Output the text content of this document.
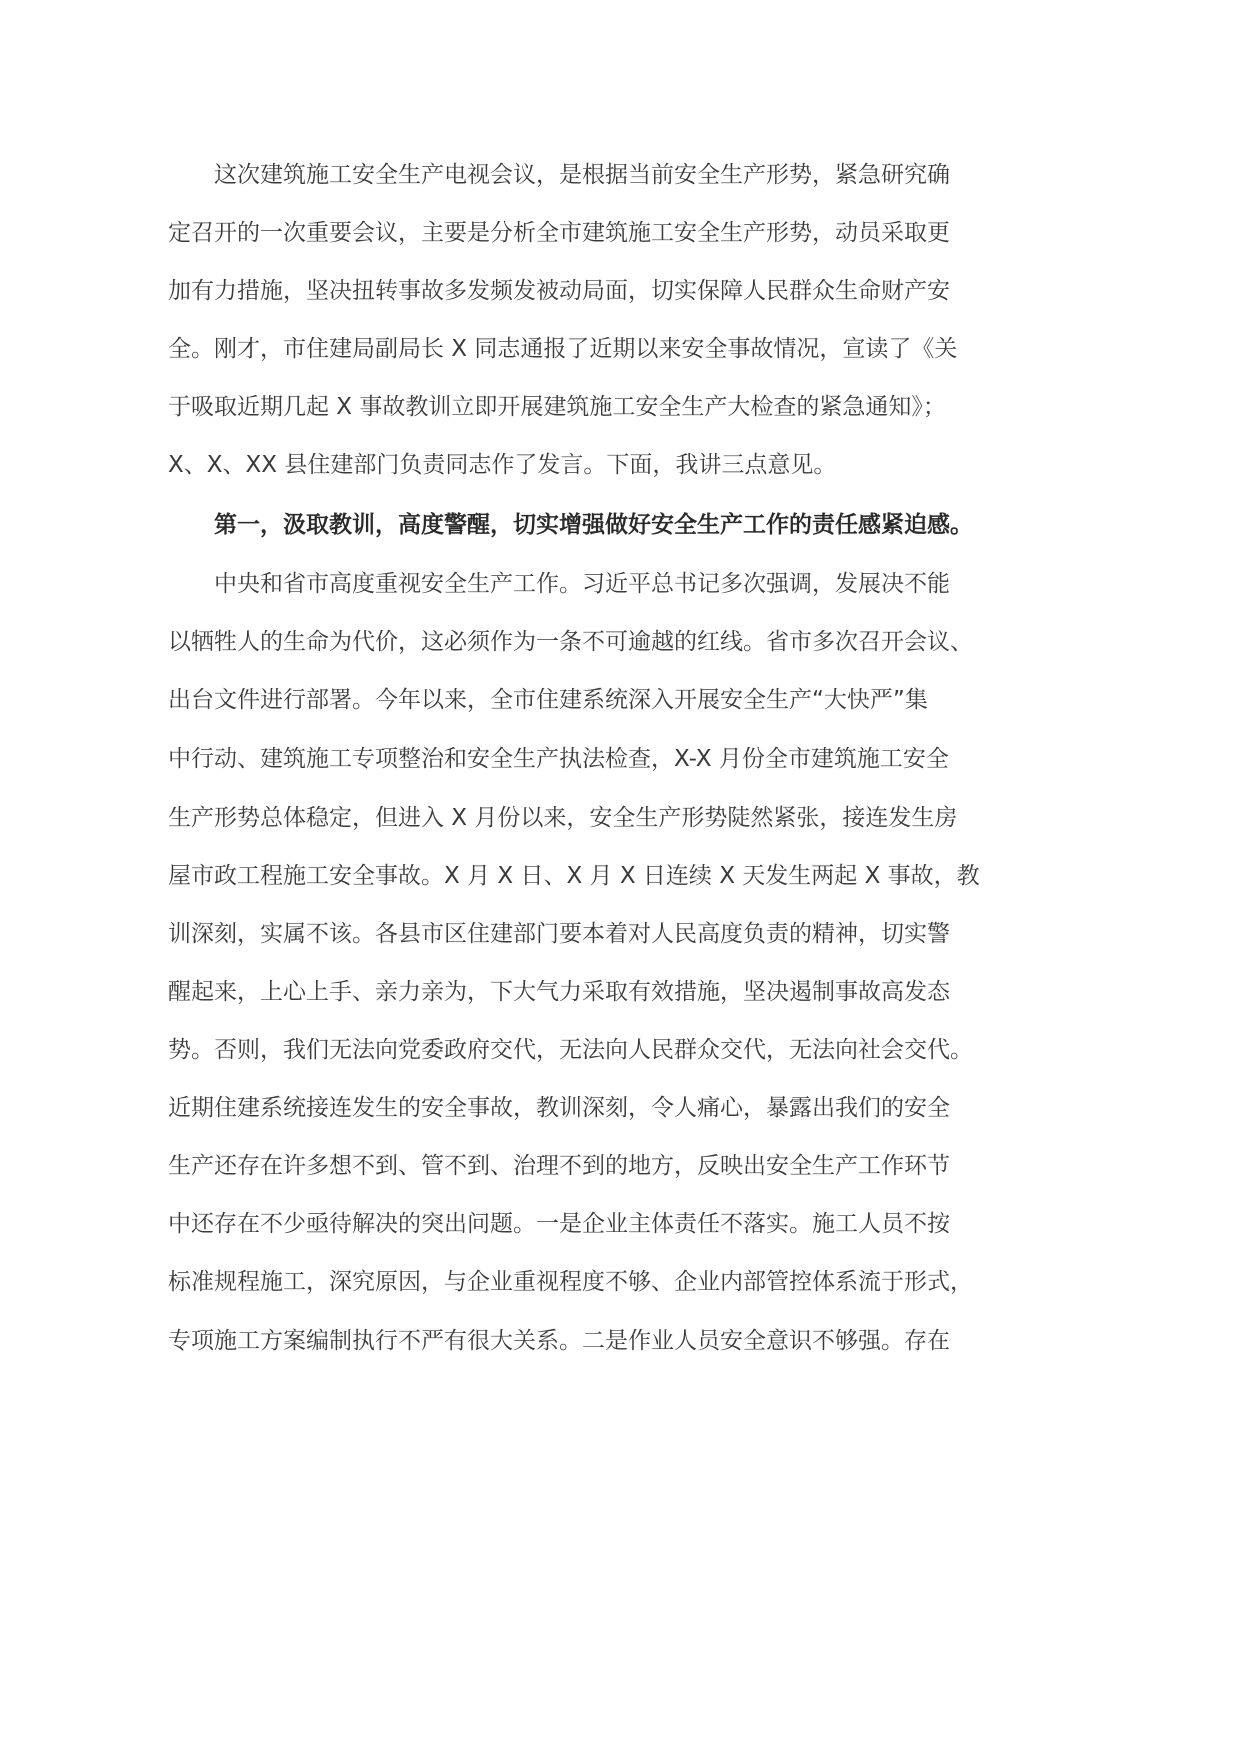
这次建筑施工安全生产电视会议，是根据当前安全生产形势，紧急研究确
定召开的一次重要会议，主要是分析全市建筑施工安全生产形势，动员采取更
加有力措施，坚决扭转事故多发频发被动局面，切实保障人民群众生命财产安
全。刚才，市住建局副局长 X 同志通报了近期以来安全事故情况，宣读了《关
于吸取近期几起 X 事故教训立即开展建筑施工安全生产大检查的紧急通知》；
X、X、XX 县住建部门负责同志作了发言。下面，我讲三点意见。
第一，汲取教训，高度警醒，切实增强做好安全生产工作的责任感紧迫感。
中央和省市高度重视安全生产工作。习近平总书记多次强调，发展决不能
以牺牲人的生命为代价，这必须作为一条不可逾越的红线。省市多次召开会议、
出台文件进行部署。今年以来，全市住建系统深入开展安全生产“大快严”集
中行动、建筑施工专项整治和安全生产执法检查，X-X 月份全市建筑施工安全
生产形势总体稳定，但进入 X 月份以来，安全生产形势陡然紧张，接连发生房
屋市政工程施工安全事故。X 月 X 日、X 月 X 日连续 X 天发生两起 X 事故，教
训深刻，实属不该。各县市区住建部门要本着对人民高度负责的精神，切实警
醒起来，上心上手、亲力亲为，下大气力采取有效措施，坚决遏制事故高发态
势。否则，我们无法向党委政府交代，无法向人民群众交代，无法向社会交代。
近期住建系统接连发生的安全事故，教训深刻，令人痛心，暴露出我们的安全
生产还存在许多想不到、管不到、治理不到的地方，反映出安全生产工作环节
中还存在不少亟待解决的突出问题。一是企业主体责任不落实。施工人员不按
标准规程施工，深究原因，与企业重视程度不够、企业内部管控体系流于形式，
专项施工方案编制执行不严有很大关系。二是作业人员安全意识不够强。存在
